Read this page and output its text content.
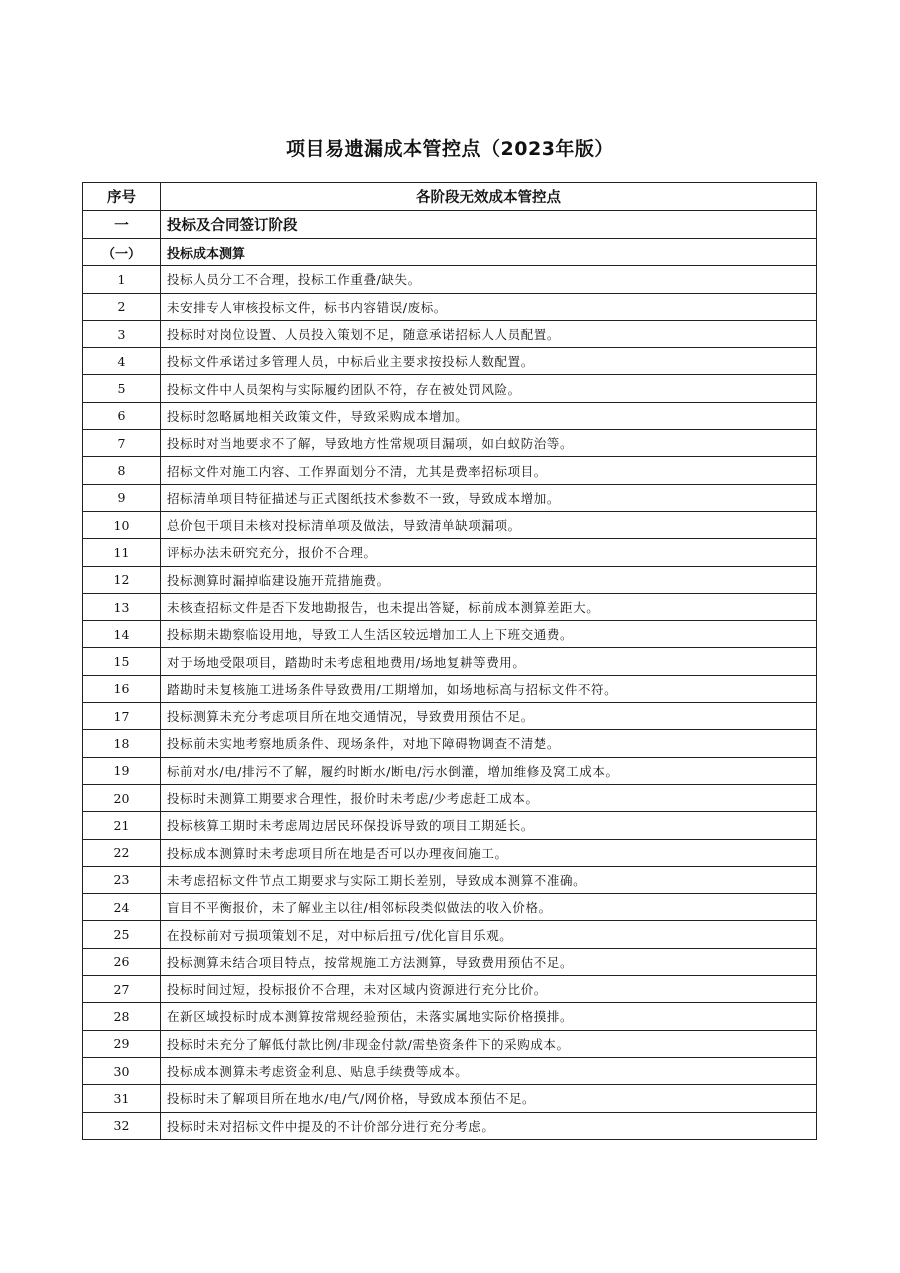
项目易遗漏成本管控点（2023年版）
序号	各阶段无效成本管控点
一	投标及合同签订阶段
（一）	投标成本测算
1	投标人员分工不合理，投标工作重叠/缺失。
2	未安排专人审核投标文件，标书内容错误/废标。
3	投标时对岗位设置、人员投入策划不足，随意承诺招标人人员配置。
4	投标文件承诺过多管理人员，中标后业主要求按投标人数配置。
5	投标文件中人员架构与实际履约团队不符，存在被处罚风险。
6	投标时忽略属地相关政策文件，导致采购成本增加。
7	投标时对当地要求不了解，导致地方性常规项目漏项，如白蚁防治等。
8	招标文件对施工内容、工作界面划分不清，尤其是费率招标项目。
9	招标清单项目特征描述与正式图纸技术参数不一致，导致成本增加。
10	总价包干项目未核对投标清单项及做法，导致清单缺项漏项。
11	评标办法未研究充分，报价不合理。
12	投标测算时漏掉临建设施开荒措施费。
13	未核查招标文件是否下发地勘报告，也未提出答疑，标前成本测算差距大。
14	投标期未勘察临设用地，导致工人生活区较远增加工人上下班交通费。
15	对于场地受限项目，踏勘时未考虑租地费用/场地复耕等费用。
16	踏勘时未复核施工进场条件导致费用/工期增加，如场地标高与招标文件不符。
17	投标测算未充分考虑项目所在地交通情况，导致费用预估不足。
18	投标前未实地考察地质条件、现场条件，对地下障碍物调查不清楚。
19	标前对水/电/排污不了解，履约时断水/断电/污水倒灌，增加维修及窝工成本。
20	投标时未测算工期要求合理性，报价时未考虑/少考虑赶工成本。
21	投标核算工期时未考虑周边居民环保投诉导致的项目工期延长。
22	投标成本测算时未考虑项目所在地是否可以办理夜间施工。
23	未考虑招标文件节点工期要求与实际工期长差别，导致成本测算不准确。
24	盲目不平衡报价，未了解业主以往/相邻标段类似做法的收入价格。
25	在投标前对亏损项策划不足，对中标后扭亏/优化盲目乐观。
26	投标测算未结合项目特点，按常规施工方法测算，导致费用预估不足。
27	投标时间过短，投标报价不合理，未对区域内资源进行充分比价。
28	在新区域投标时成本测算按常规经验预估，未落实属地实际价格摸排。
29	投标时未充分了解低付款比例/非现金付款/需垫资条件下的采购成本。
30	投标成本测算未考虑资金利息、贴息手续费等成本。
31	投标时未了解项目所在地水/电/气/网价格，导致成本预估不足。
32	投标时未对招标文件中提及的不计价部分进行充分考虑。
